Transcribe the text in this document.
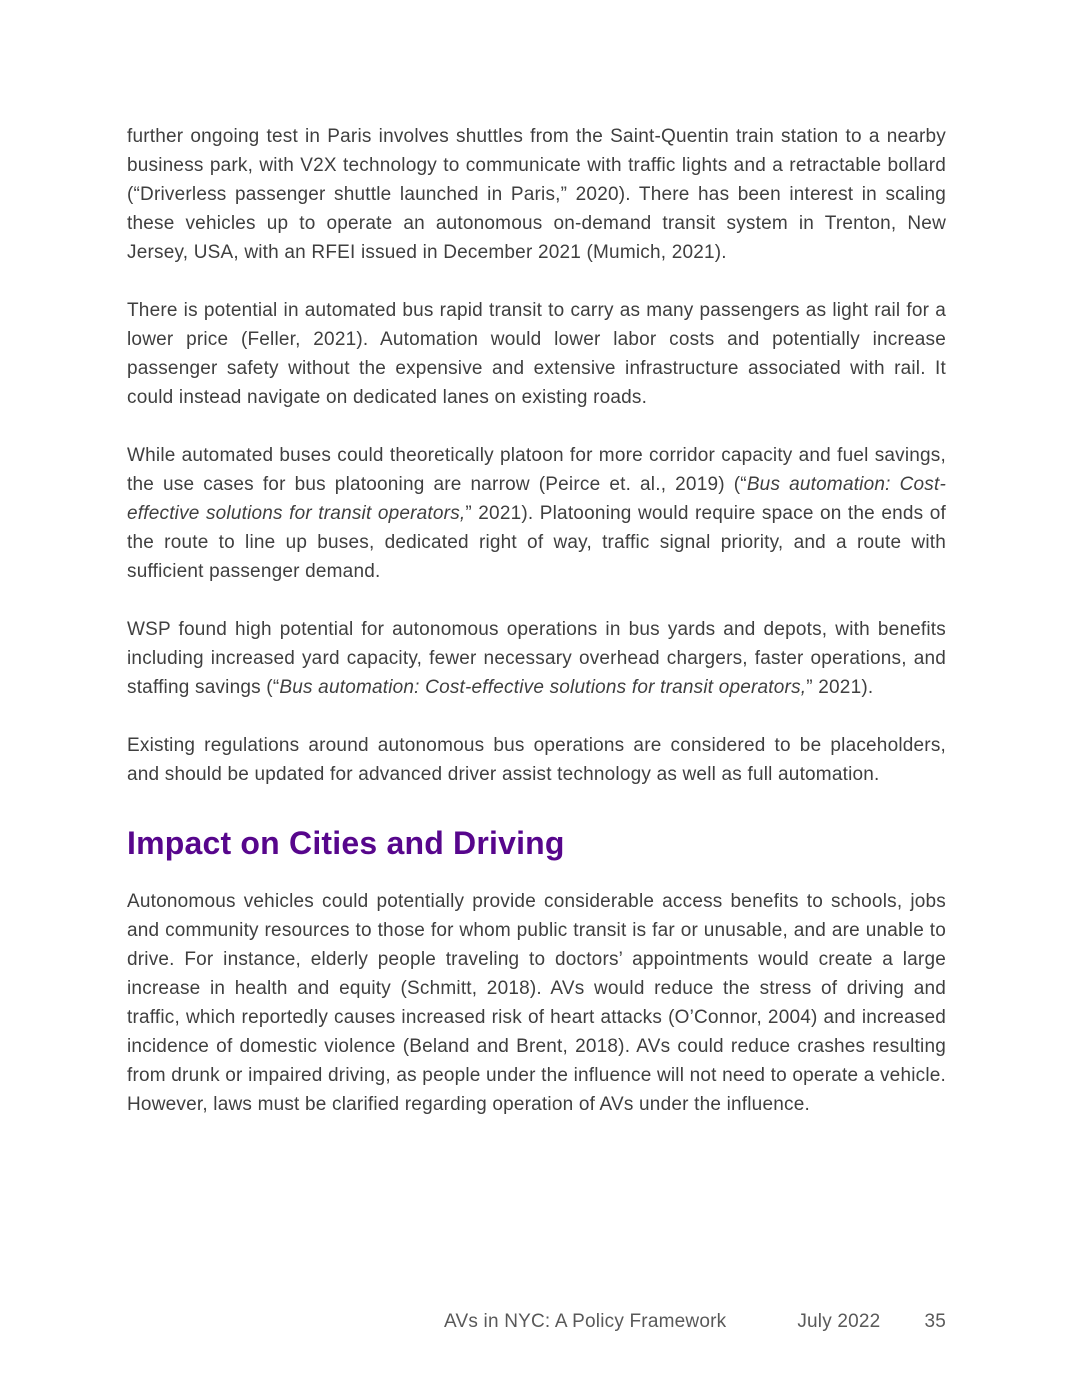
further ongoing test in Paris involves shuttles from the Saint-Quentin train station to a nearby business park, with V2X technology to communicate with traffic lights and a retractable bollard (“Driverless passenger shuttle launched in Paris,” 2020). There has been interest in scaling these vehicles up to operate an autonomous on-demand transit system in Trenton, New Jersey, USA, with an RFEI issued in December 2021 (Mumich, 2021).

There is potential in automated bus rapid transit to carry as many passengers as light rail for a lower price (Feller, 2021). Automation would lower labor costs and potentially increase passenger safety without the expensive and extensive infrastructure associated with rail. It could instead navigate on dedicated lanes on existing roads.

While automated buses could theoretically platoon for more corridor capacity and fuel savings, the use cases for bus platooning are narrow (Peirce et. al., 2019) (“Bus automation: Cost-effective solutions for transit operators,” 2021). Platooning would require space on the ends of the route to line up buses, dedicated right of way, traffic signal priority, and a route with sufficient passenger demand.

WSP found high potential for autonomous operations in bus yards and depots, with benefits including increased yard capacity, fewer necessary overhead chargers, faster operations, and staffing savings (“Bus automation: Cost-effective solutions for transit operators,” 2021).

Existing regulations around autonomous bus operations are considered to be placeholders, and should be updated for advanced driver assist technology as well as full automation.

Impact on Cities and Driving

Autonomous vehicles could potentially provide considerable access benefits to schools, jobs and community resources to those for whom public transit is far or unusable, and are unable to drive. For instance, elderly people traveling to doctors’ appointments would create a large increase in health and equity (Schmitt, 2018). AVs would reduce the stress of driving and traffic, which reportedly causes increased risk of heart attacks (O’Connor, 2004) and increased incidence of domestic violence (Beland and Brent, 2018). AVs could reduce crashes resulting from drunk or impaired driving, as people under the influence will not need to operate a vehicle. However, laws must be clarified regarding operation of AVs under the influence.

AVs in NYC: A Policy Framework	July 2022 35
